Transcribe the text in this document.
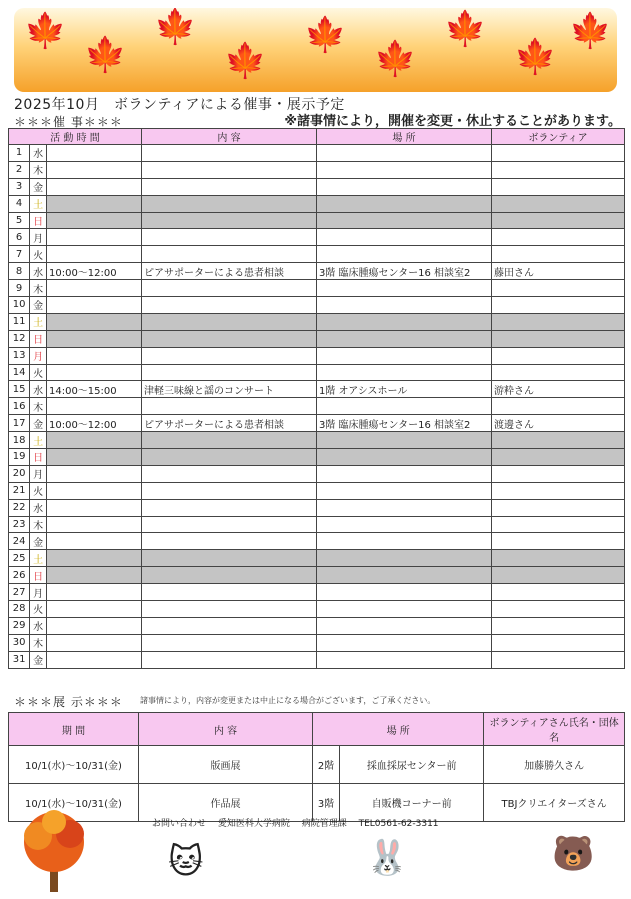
🍁
🍁
🍁
🍁
🍁
🍁
🍁
🍁
🍁
2025年10月　ボランティアによる催事・展示予定
＊＊＊催 事＊＊＊	※諸事情により，開催を変更・休止することがあります。
活 動 時 間			内 容	場 所	ボランティア
1	水				
2	木				
3	金				
4	土				
5	日				
6	月				
7	火				
8	水	10:00～12:00	ピアサポーターによる患者相談	3階 臨床腫瘍センター16 相談室2	藤田さん
9	木				
10	金				
11	土				
12	日				
13	月				
14	火				
15	水	14:00～15:00	津軽三味線と謡のコンサート	1階 オアシスホール	游粋さん
16	木				
17	金	10:00～12:00	ピアサポーターによる患者相談	3階 臨床腫瘍センター16 相談室2	渡邊さん
18	土				
19	日				
20	月				
21	火				
22	水				
23	木				
24	金				
25	土				
26	日				
27	月				
28	火				
29	水				
30	木				
31	金				
＊＊＊展 示＊＊＊ 諸事情により，内容が変更または中止になる場合がございます，ご了承ください。
期 間	内 容	場 所		ボランティアさん氏名・団体名
10/1(水)～10/31(金)	版画展	2階	採血採尿センター前	加藤勝久さん
10/1(水)～10/31(金)	作品展	3階	自販機コーナー前	TBJクリエイターズさん
お問い合わせ　 愛知医科大学病院　 病院管理課　 TEL0561-62-3311
🐱	🐰	🐻
